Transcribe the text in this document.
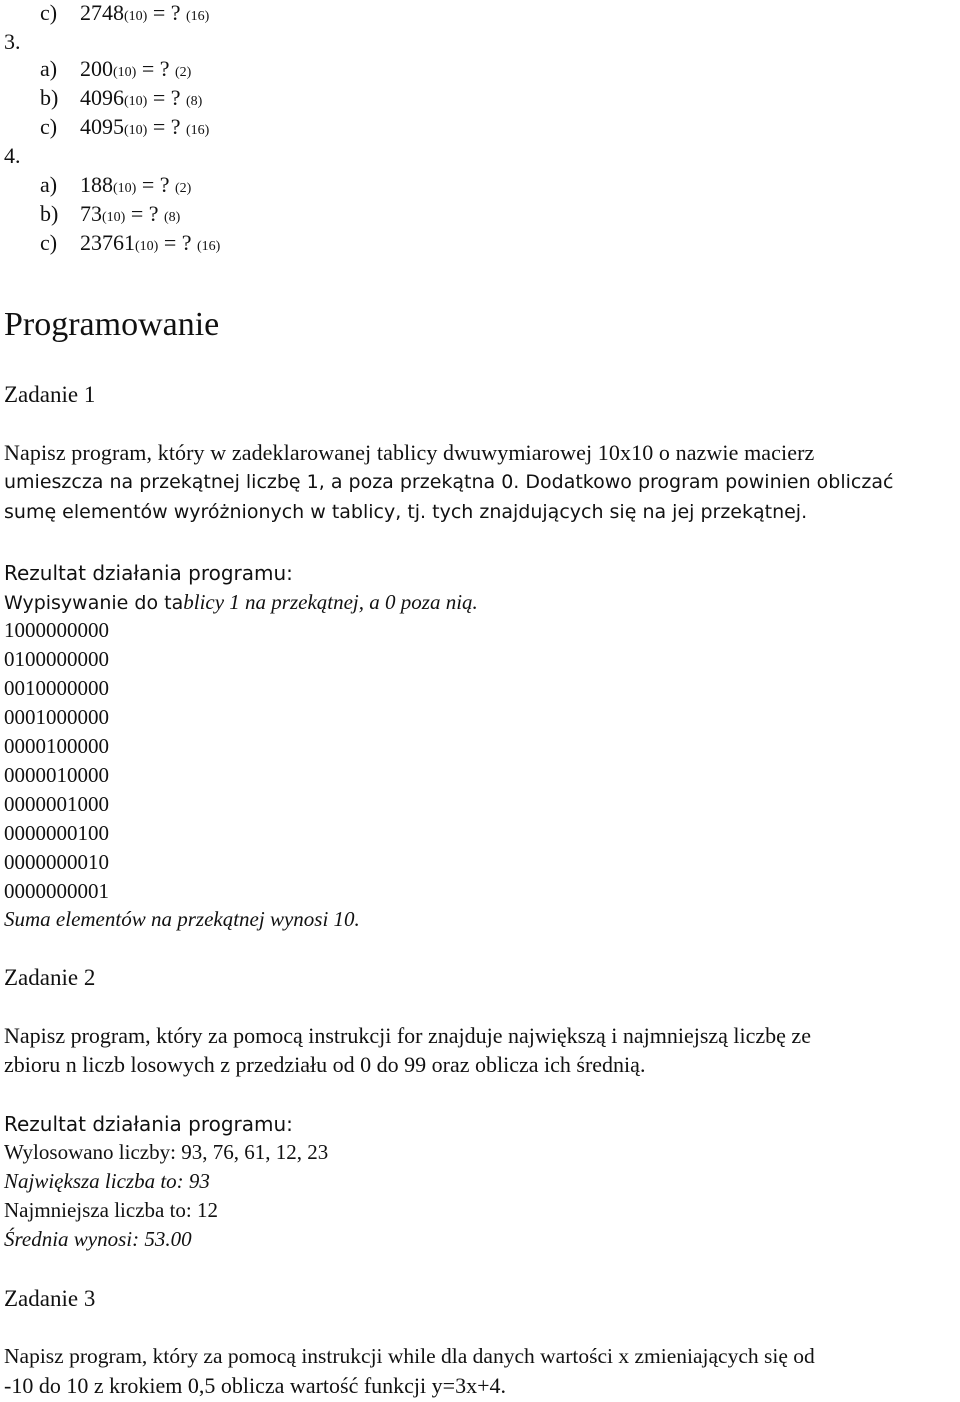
c) 2748(10) = ? (16)
3.
a) 200(10) = ? (2)
b) 4096(10) = ? (8)
c) 4095(10) = ? (16)
4.
a) 188(10) = ? (2)
b) 73(10) = ? (8)
c) 23761(10) = ? (16)
Programowanie
Zadanie 1
Napisz program, który w zadeklarowanej tablicy dwuwymiarowej 10x10 o nazwie macierz
umieszcza na przekątnej liczbę 1, a poza przekątna 0. Dodatkowo program powinien obliczać
sumę elementów wyróżnionych w tablicy, tj. tych znajdujących się na jej przekątnej.
Rezultat działania programu:
Wypisywanie do tablicy 1 na przekątnej, a 0 poza nią.
1000000000
0100000000
0010000000
0001000000
0000100000
0000010000
0000001000
0000000100
0000000010
0000000001
Suma elementów na przekątnej wynosi 10.
Zadanie 2
Napisz program, który za pomocą instrukcji for znajduje największą i najmniejszą liczbę ze
zbioru n liczb losowych z przedziału od 0 do 99 oraz oblicza ich średnią.
Rezultat działania programu:
Wylosowano liczby: 93, 76, 61, 12, 23
Największa liczba to: 93
Najmniejsza liczba to: 12
Średnia wynosi: 53.00
Zadanie 3
Napisz program, który za pomocą instrukcji while dla danych wartości x zmieniających się od
-10 do 10 z krokiem 0,5 oblicza wartość funkcji y=3x+4.
